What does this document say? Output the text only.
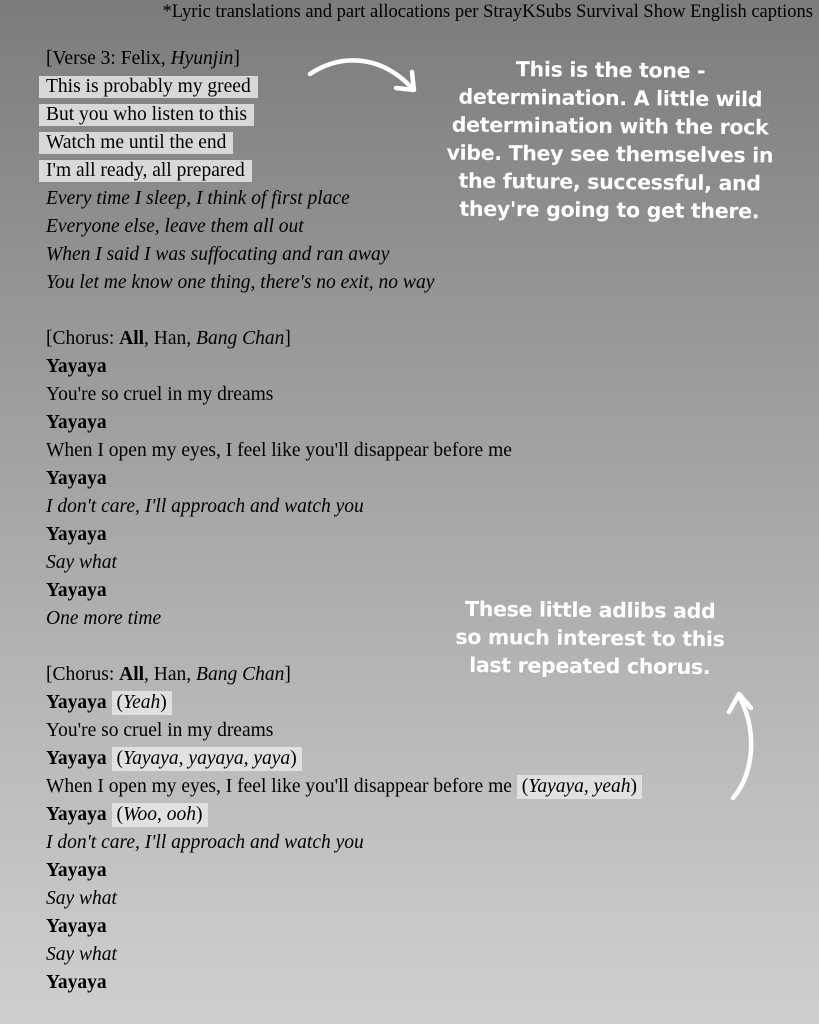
*Lyric translations and part allocations per StrayKSubs Survival Show English captions
[Verse 3: Felix, Hyunjin]
This is probably my greed
But you who listen to this
Watch me until the end
I'm all ready, all prepared
Every time I sleep, I think of first place
Everyone else, leave them all out
When I said I was suffocating and ran away
You let me know one thing, there's no exit, no way
[Chorus: All, Han, Bang Chan]
Yayaya
You're so cruel in my dreams
Yayaya
When I open my eyes, I feel like you'll disappear before me
Yayaya
I don't care, I'll approach and watch you
Yayaya
Say what
Yayaya
One more time
[Chorus: All, Han, Bang Chan]
Yayaya (Yeah)
You're so cruel in my dreams
Yayaya (Yayaya, yayaya, yaya)
When I open my eyes, I feel like you'll disappear before me (Yayaya, yeah)
Yayaya (Woo, ooh)
I don't care, I'll approach and watch you
Yayaya
Say what
Yayaya
Say what
Yayaya
This is the tone -
determination. A little wild
determination with the rock
vibe. They see themselves in
the future, successful, and
they're going to get there.
These little adlibs add
so much interest to this
last repeated chorus.
